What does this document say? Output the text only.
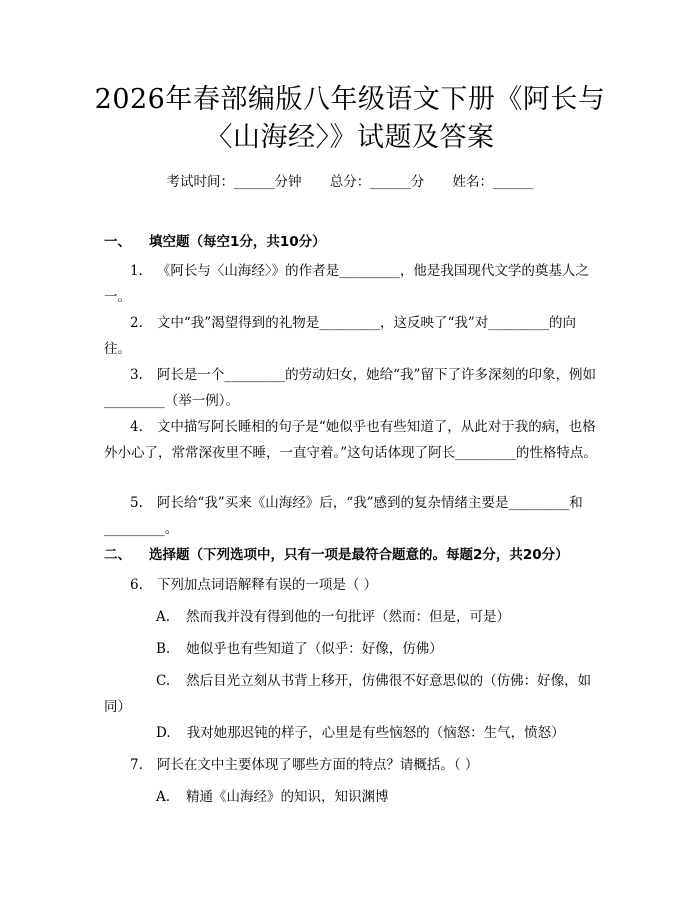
2026年春部编版八年级语文下册《阿长与
〈山海经〉》试题及答案
考试时间：______分钟 总分：______分 姓名：______
一、 填空题（每空1分，共10分）
1. 《阿长与〈山海经〉》的作者是_________，他是我国现代文学的奠基人之一。
2. 文中“我”渴望得到的礼物是_________，这反映了“我”对_________的向往。
3. 阿长是一个_________的劳动妇女，她给“我”留下了许多深刻的印象，例如_________（举一例）。
4. 文中描写阿长睡相的句子是“她似乎也有些知道了，从此对于我的病，也格外小心了，常常深夜里不睡，一直守着。”这句话体现了阿长_________的性格特点。
5. 阿长给“我”买来《山海经》后，“我”感到的复杂情绪主要是_________和_________。
二、 选择题（下列选项中，只有一项是最符合题意的。每题2分，共20分）
6. 下列加点词语解释有误的一项是（ ）
A. 然而我并没有得到他的一句批评（然而：但是，可是）
B. 她似乎也有些知道了（似乎：好像，仿佛）
C. 然后目光立刻从书背上移开，仿佛很不好意思似的（仿佛：好像，如同）
D. 我对她那迟钝的样子，心里是有些恼怒的（恼怒：生气，愤怒）
7. 阿长在文中主要体现了哪些方面的特点？请概括。（ ）
A. 精通《山海经》的知识，知识渊博
